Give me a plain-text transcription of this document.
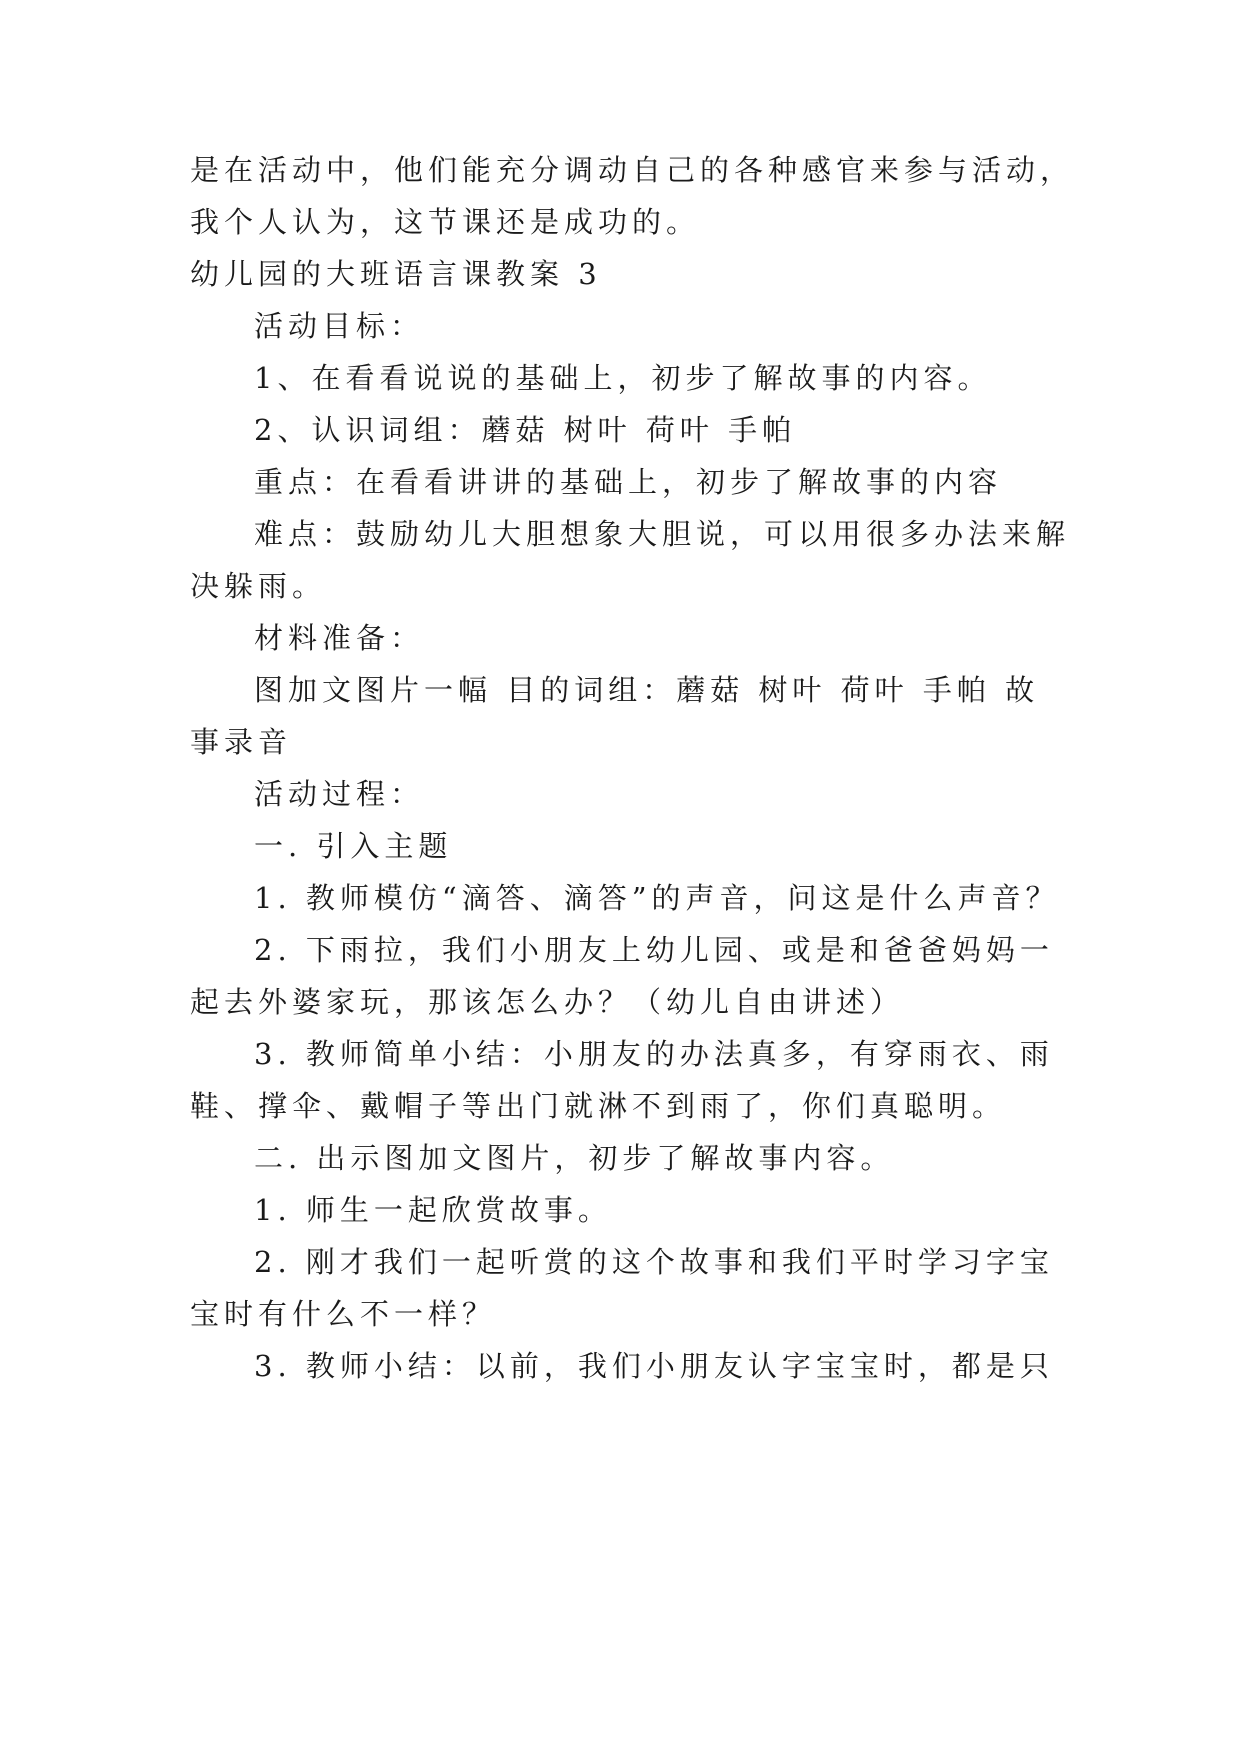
是在活动中，他们能充分调动自己的各种感官来参与活动，
我个人认为，这节课还是成功的。
幼儿园的大班语言课教案 3
活动目标：
1、在看看说说的基础上，初步了解故事的内容。
2、认识词组：蘑菇 树叶 荷叶 手帕
重点：在看看讲讲的基础上，初步了解故事的内容
难点：鼓励幼儿大胆想象大胆说，可以用很多办法来解
决躲雨。
材料准备：
图加文图片一幅 目的词组：蘑菇 树叶 荷叶 手帕 故
事录音
活动过程：
一. 引入主题
1. 教师模仿“滴答、滴答”的声音，问这是什么声音？
2. 下雨拉，我们小朋友上幼儿园、或是和爸爸妈妈一
起去外婆家玩，那该怎么办？（幼儿自由讲述）
3. 教师简单小结：小朋友的办法真多，有穿雨衣、雨
鞋、撑伞、戴帽子等出门就淋不到雨了，你们真聪明。
二. 出示图加文图片，初步了解故事内容。
1. 师生一起欣赏故事。
2. 刚才我们一起听赏的这个故事和我们平时学习字宝
宝时有什么不一样？
3. 教师小结：以前，我们小朋友认字宝宝时，都是只
